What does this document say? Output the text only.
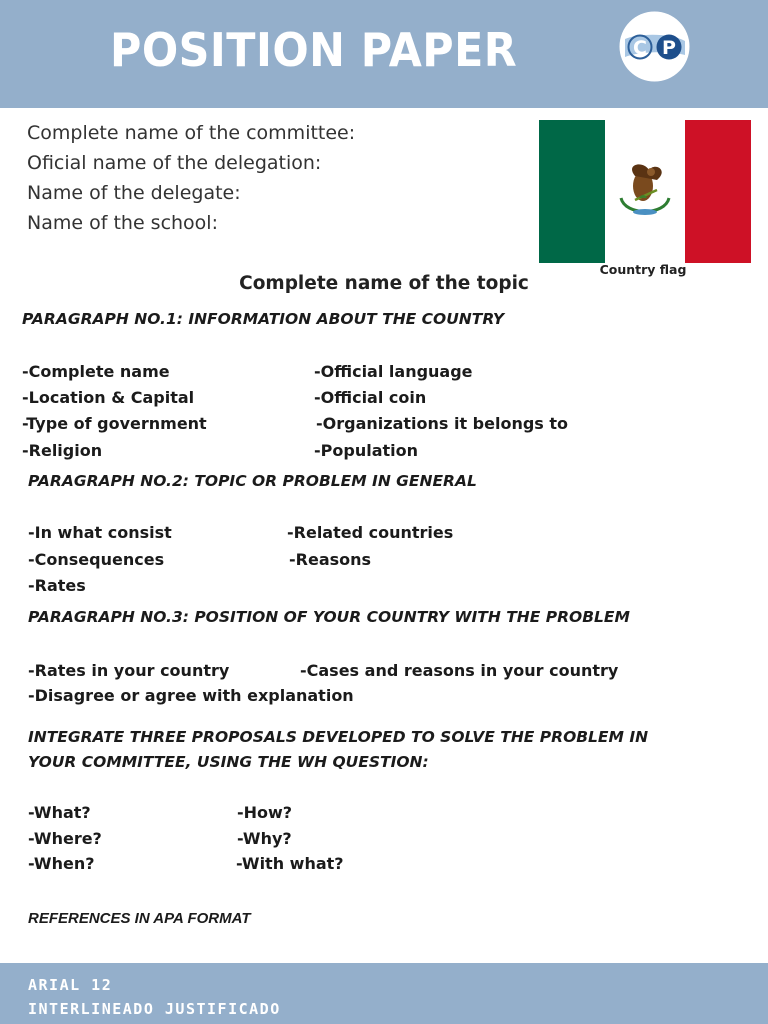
POSITION PAPER	C P
Complete name of the committee:
Oficial name of the delegation:
Name of the delegate:
Name of the school:
Country flag
Complete name of the topic
PARAGRAPH NO.1: INFORMATION ABOUT THE COUNTRY
-Complete name
-Location & Capital
-Type of government
-Religion
-Official language
-Official coin
-Organizations it belongs to
-Population
PARAGRAPH NO.2: TOPIC OR PROBLEM IN GENERAL
-In what consist
-Consequences
-Rates
-Related countries
-Reasons
PARAGRAPH NO.3: POSITION OF YOUR COUNTRY WITH THE PROBLEM
-Rates in your country	-Cases and reasons in your country
-Disagree or agree with explanation
INTEGRATE THREE PROPOSALS DEVELOPED TO SOLVE THE PROBLEM IN
YOUR COMMITTEE, USING THE WH QUESTION:
-What?
-Where?
-When?
-How?
-Why?
-With what?
REFERENCES IN APA FORMAT
ARIAL 12
INTERLINEADO JUSTIFICADO
